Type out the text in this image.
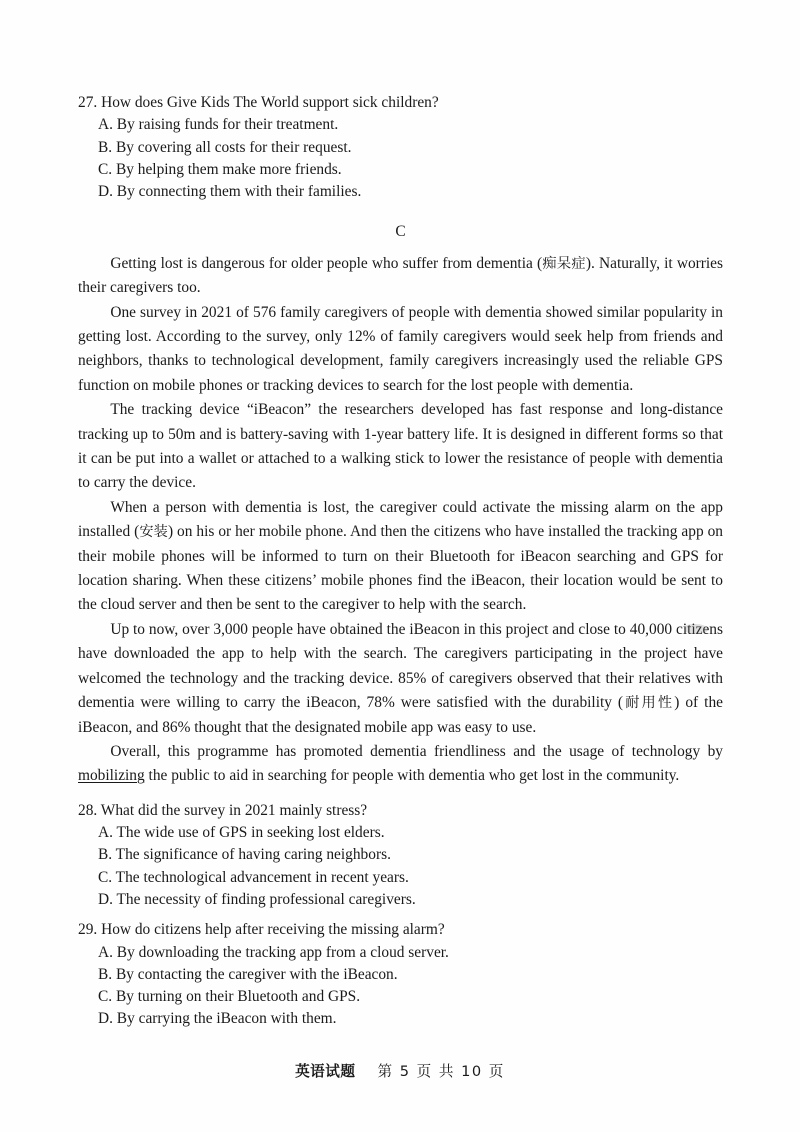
27. How does Give Kids The World support sick children?

A. By raising funds for their treatment.
B. By covering all costs for their request.
C. By helping them make more friends.
D. By connecting them with their families.

C

Getting lost is dangerous for older people who suffer from dementia (痴呆症). Naturally, it worries their caregivers too.

One survey in 2021 of 576 family caregivers of people with dementia showed similar popularity in getting lost. According to the survey, only 12% of family caregivers would seek help from friends and neighbors, thanks to technological development, family caregivers increasingly used the reliable GPS function on mobile phones or tracking devices to search for the lost people with dementia.

The tracking device “iBeacon” the researchers developed has fast response and long-distance tracking up to 50m and is battery-saving with 1-year battery life. It is designed in different forms so that it can be put into a wallet or attached to a walking stick to lower the resistance of people with dementia to carry the device.

When a person with dementia is lost, the caregiver could activate the missing alarm on the app installed (安装) on his or her mobile phone. And then the citizens who have installed the tracking app on their mobile phones will be informed to turn on their Bluetooth for iBeacon searching and GPS for location sharing. When these citizens’ mobile phones find the iBeacon, their location would be sent to the cloud server and then be sent to the caregiver to help with the search.

Up to now, over 3,000 people have obtained the iBeacon in this project and close to 40,000 citizens have downloaded the app to help with the search. The caregivers participating in the project have welcomed the technology and the tracking device. 85% of caregivers observed that their relatives with dementia were willing to carry the iBeacon, 78% were satisfied with the durability (耐用性) of the iBeacon, and 86% thought that the designated mobile app was easy to use.

Overall, this programme has promoted dementia friendliness and the usage of technology by mobilizing the public to aid in searching for people with dementia who get lost in the community.

28. What did the survey in 2021 mainly stress?

A. The wide use of GPS in seeking lost elders.
B. The significance of having caring neighbors.
C. The technological advancement in recent years.
D. The necessity of finding professional caregivers.

29. How do citizens help after receiving the missing alarm?

A. By downloading the tracking app from a cloud server.
B. By contacting the caregiver with the iBeacon.
C. By turning on their Bluetooth and GPS.
D. By carrying the iBeacon with them.
英语试题 第 5 页 共 10 页
